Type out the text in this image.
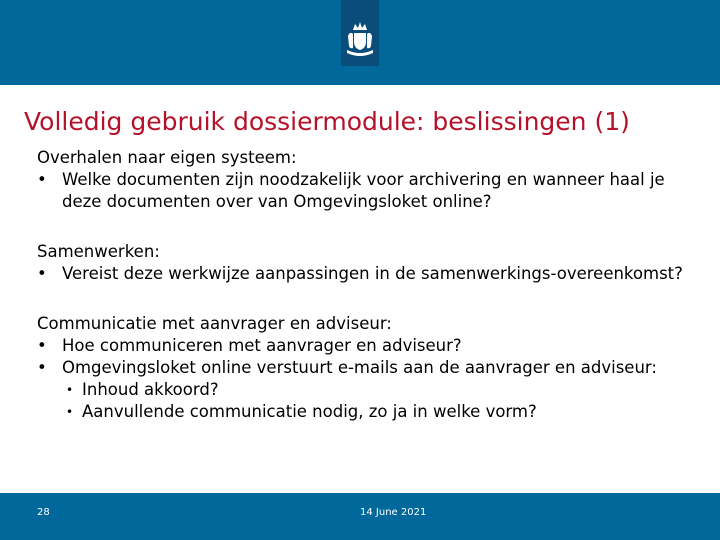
Volledig gebruik dossiermodule: beslissingen (1)

Overhalen naar eigen systeem:

• Welke documenten zijn noodzakelijk voor archivering en wanneer haal je deze documenten over van Omgevingsloket online?

Samenwerken:

• Vereist deze werkwijze aanpassingen in de samenwerkings-overeenkomst?

Communicatie met aanvrager en adviseur:

• Hoe communiceren met aanvrager en adviseur?
• Omgevingsloket online verstuurt e-mails aan de aanvrager en adviseur:
• Inhoud akkoord?
• Aanvullende communicatie nodig, zo ja in welke vorm?
28	14 June 2021
